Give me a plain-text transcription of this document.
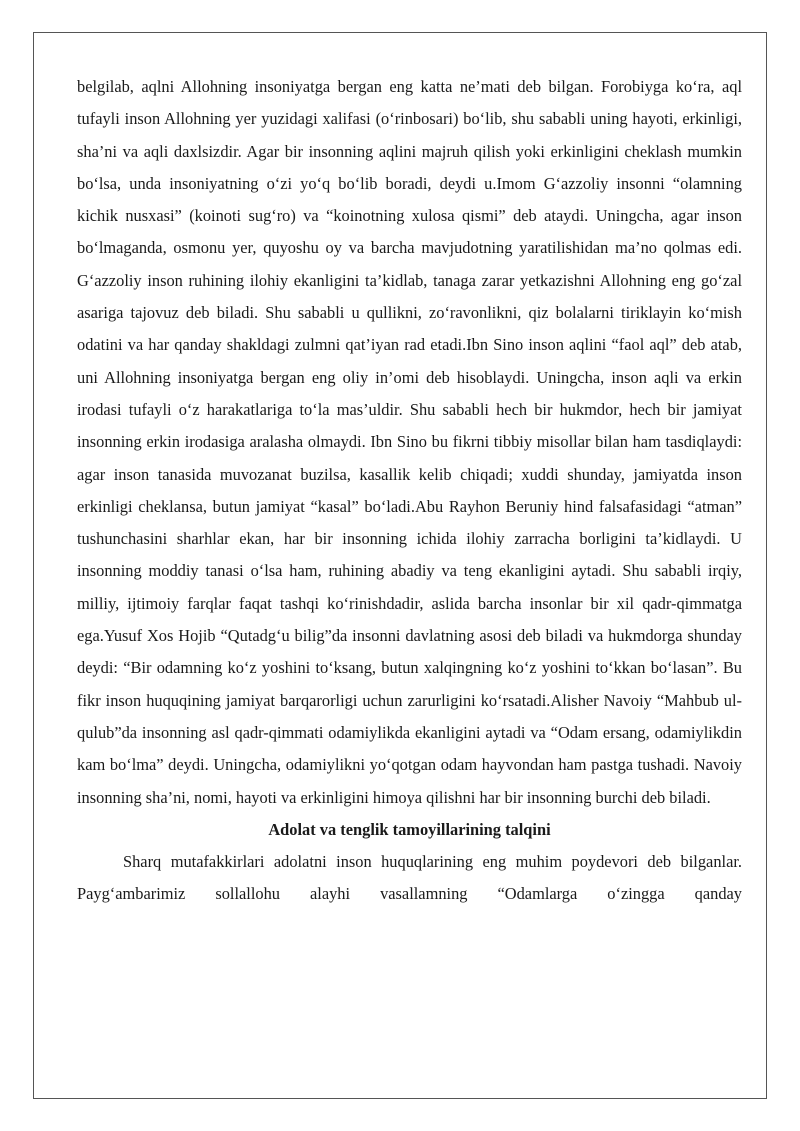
belgilab, aqlni Allohning insoniyatga bergan eng katta ne’mati deb bilgan. Forobiyga ko‘ra, aql tufayli inson Allohning yer yuzidagi xalifasi (o‘rinbosari) bo‘lib, shu sababli uning hayoti, erkinligi, sha’ni va aqli daxlsizdir. Agar bir insonning aqlini majruh qilish yoki erkinligini cheklash mumkin bo‘lsa, unda insoniyatning o‘zi yo‘q bo‘lib boradi, deydi u.Imom G‘azzoliy insonni “olamning kichik nusxasi” (koinoti sug‘ro) va “koinotning xulosa qismi” deb ataydi. Uningcha, agar inson bo‘lmaganda, osmonu yer, quyoshu oy va barcha mavjudotning yaratilishidan ma’no qolmas edi. G‘azzoliy inson ruhining ilohiy ekanligini ta’kidlab, tanaga zarar yetkazishni Allohning eng go‘zal asariga tajovuz deb biladi. Shu sababli u qullikni, zo‘ravonlikni, qiz bolalarni tiriklayin ko‘mish odatini va har qanday shakldagi zulmni qat’iyan rad etadi.Ibn Sino inson aqlini “faol aql” deb atab, uni Allohning insoniyatga bergan eng oliy in’omi deb hisoblaydi. Uningcha, inson aqli va erkin irodasi tufayli o‘z harakatlariga to‘la mas’uldir. Shu sababli hech bir hukmdor, hech bir jamiyat insonning erkin irodasiga aralasha olmaydi. Ibn Sino bu fikrni tibbiy misollar bilan ham tasdiqlaydi: agar inson tanasida muvozanat buzilsa, kasallik kelib chiqadi; xuddi shunday, jamiyatda inson erkinligi cheklansa, butun jamiyat “kasal” bo‘ladi.Abu Rayhon Beruniy hind falsafasidagi “atman” tushunchasini sharhlar ekan, har bir insonning ichida ilohiy zarracha borligini ta’kidlaydi. U insonning moddiy tanasi o‘lsa ham, ruhining abadiy va teng ekanligini aytadi. Shu sababli irqiy, milliy, ijtimoiy farqlar faqat tashqi ko‘rinishdadir, aslida barcha insonlar bir xil qadr-qimmatga ega.Yusuf Xos Hojib “Qutadg‘u bilig”da insonni davlatning asosi deb biladi va hukmdorga shunday deydi: “Bir odamning ko‘z yoshini to‘ksang, butun xalqingning ko‘z yoshini to‘kkan bo‘lasan”. Bu fikr inson huquqining jamiyat barqarorligi uchun zarurligini ko‘rsatadi.Alisher Navoiy “Mahbub ul-qulub”da insonning asl qadr-qimmati odamiylikda ekanligini aytadi va “Odam ersang, odamiylikdin kam bo‘lma” deydi. Uningcha, odamiylikni yo‘qotgan odam hayvondan ham pastga tushadi. Navoiy insonning sha’ni, nomi, hayoti va erkinligini himoya qilishni har bir insonning burchi deb biladi.

Adolat va tenglik tamoyillarining talqini

Sharq mutafakkirlari adolatni inson huquqlarining eng muhim poydevori deb bilganlar. Payg‘ambarimiz sollallohu alayhi vasallamning “Odamlarga o‘zingga qanday
